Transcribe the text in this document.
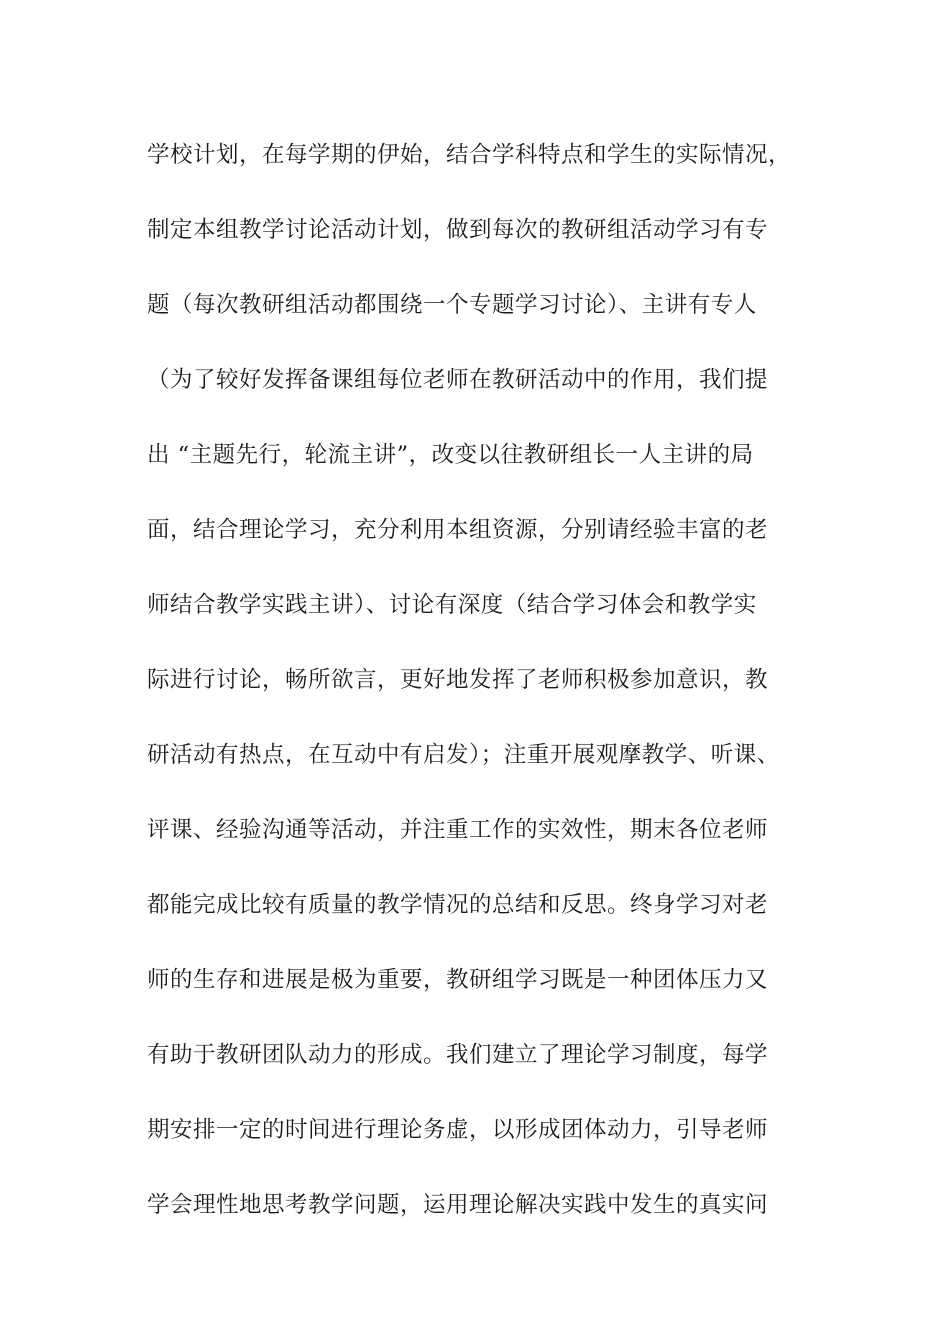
学校计划，在每学期的伊始，结合学科特点和学生的实际情况，
制定本组教学讨论活动计划，做到每次的教研组活动学习有专
题（每次教研组活动都围绕一个专题学习讨论）、主讲有专人
（为了较好发挥备课组每位老师在教研活动中的作用，我们提
出 “主题先行，轮流主讲”，改变以往教研组长一人主讲的局
面，结合理论学习，充分利用本组资源，分别请经验丰富的老
师结合教学实践主讲）、讨论有深度（结合学习体会和教学实
际进行讨论，畅所欲言，更好地发挥了老师积极参加意识，教
研活动有热点，在互动中有启发）；注重开展观摩教学、听课、
评课、经验沟通等活动，并注重工作的实效性，期末各位老师
都能完成比较有质量的教学情况的总结和反思。终身学习对老
师的生存和进展是极为重要，教研组学习既是一种团体压力又
有助于教研团队动力的形成。我们建立了理论学习制度，每学
期安排一定的时间进行理论务虚，以形成团体动力，引导老师
学会理性地思考教学问题，运用理论解决实践中发生的真实问
